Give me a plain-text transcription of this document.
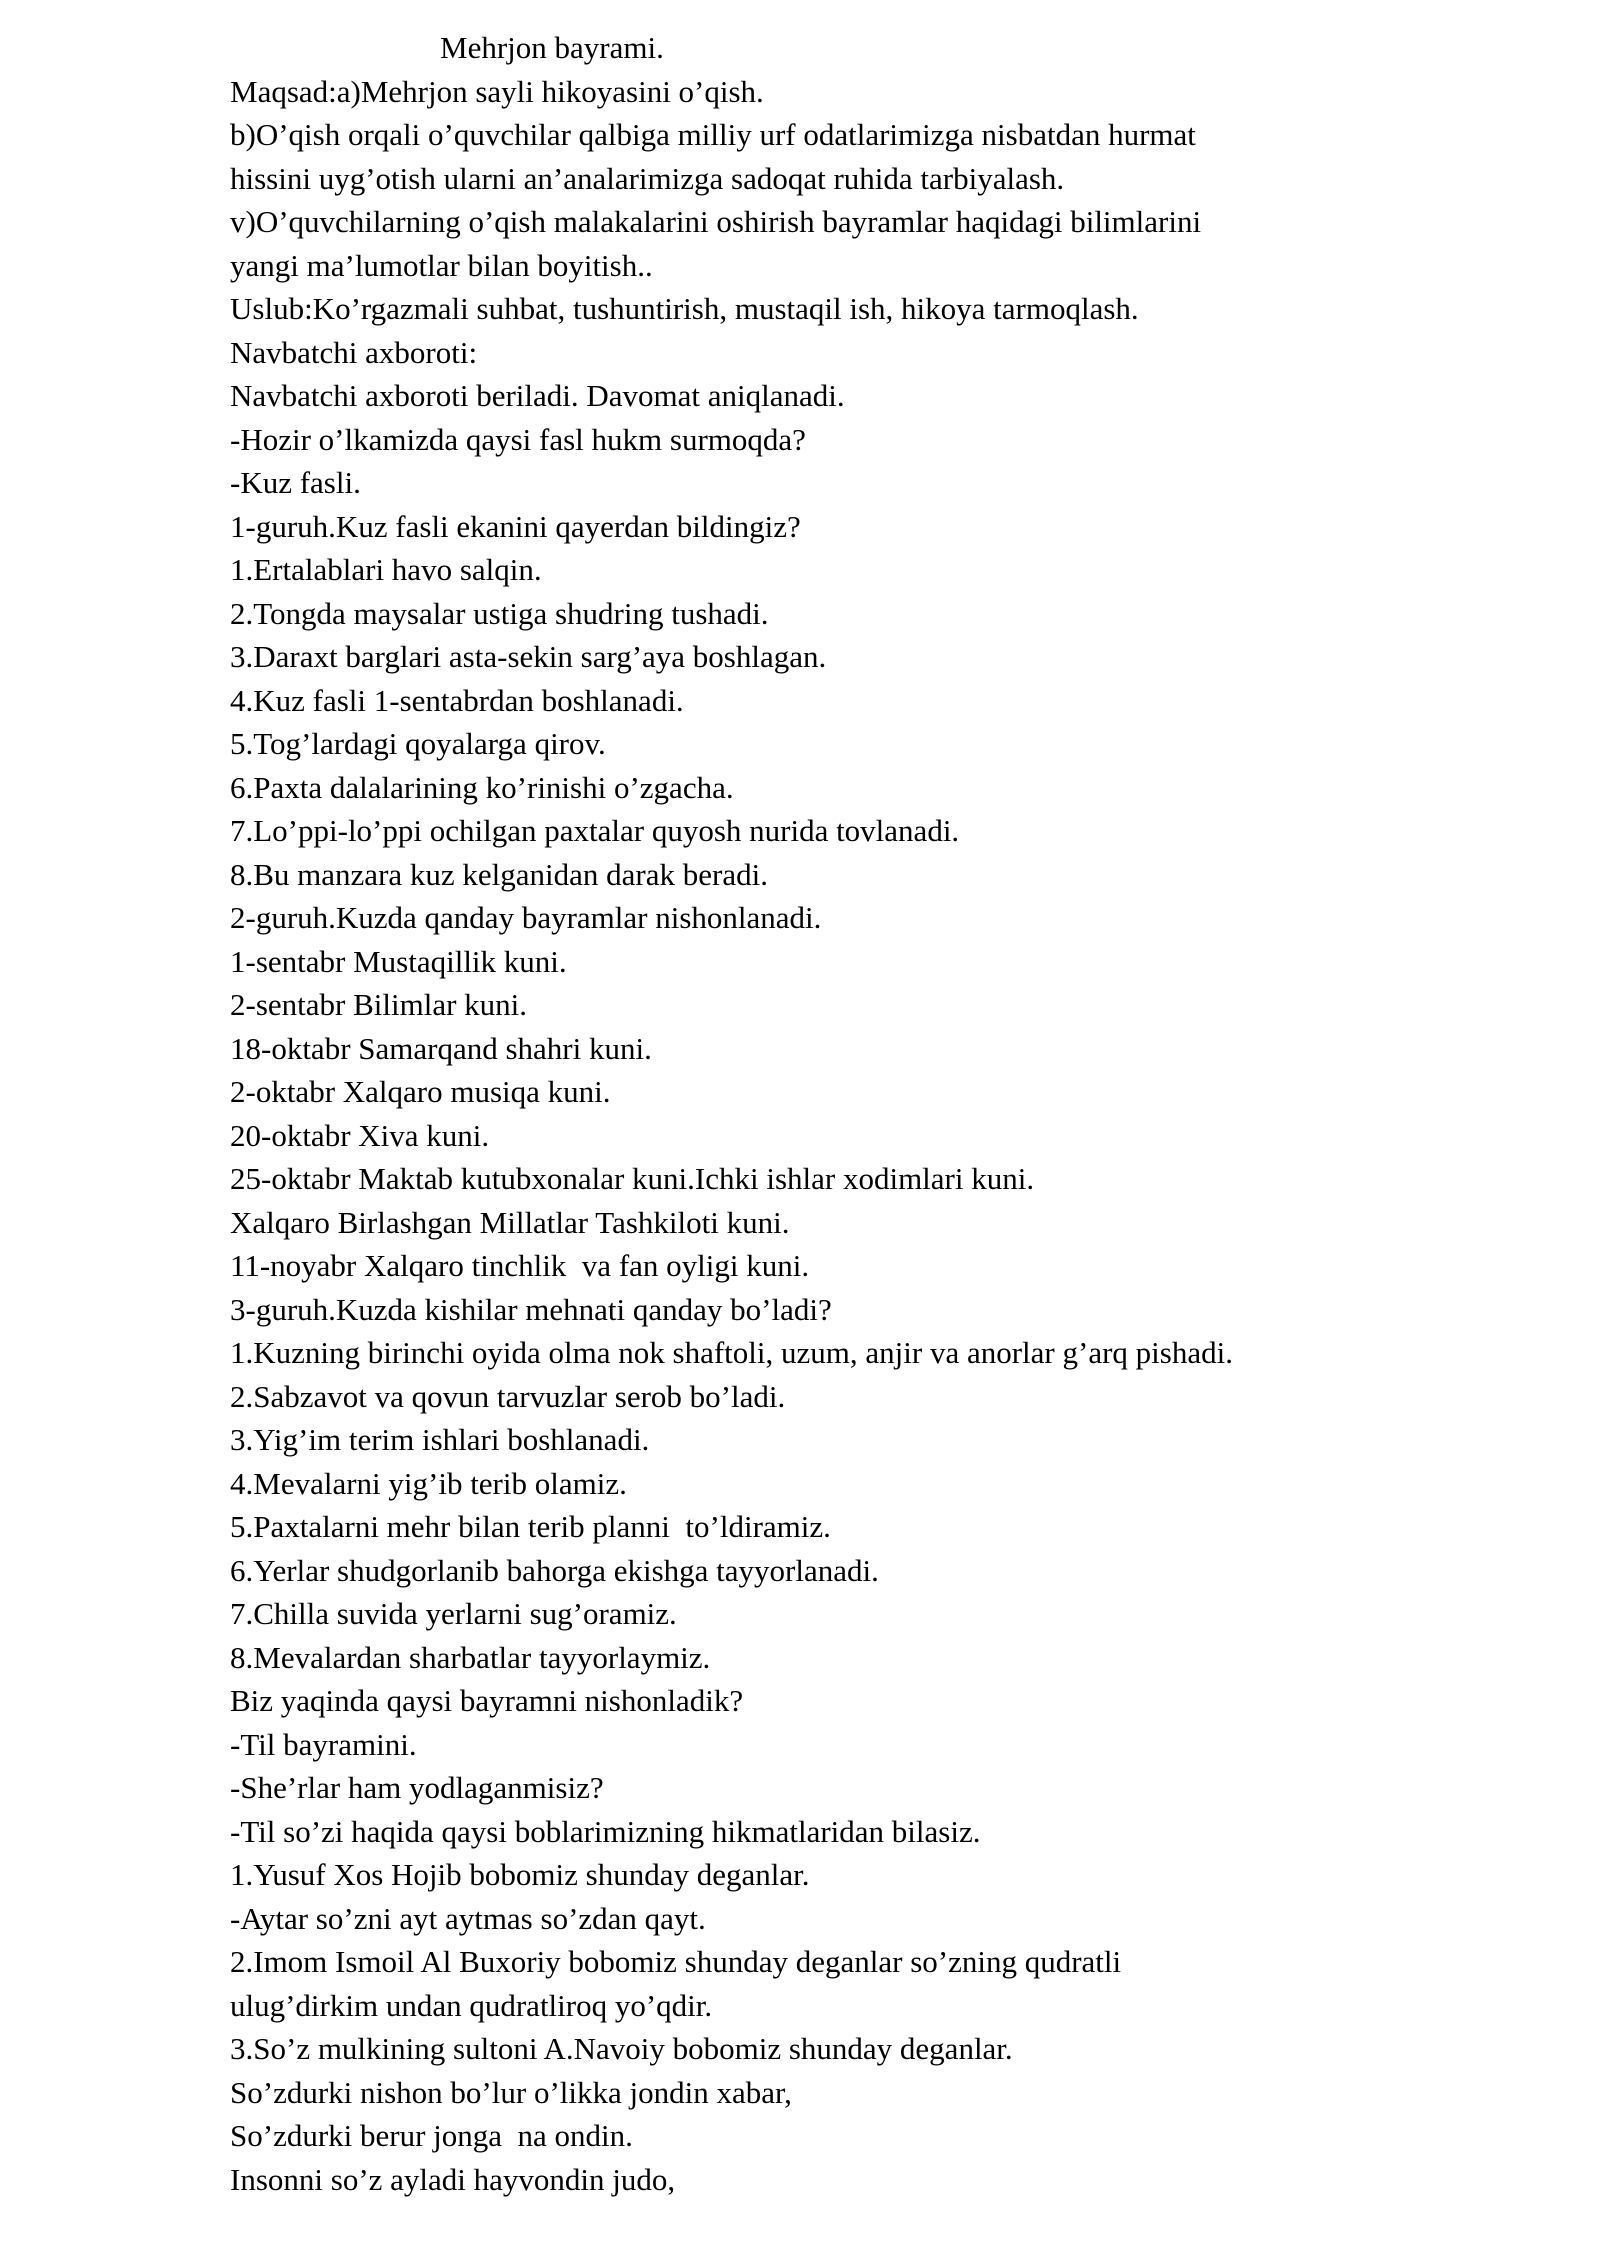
Mehrjon bayrami.
Maqsad:a)Mehrjon sayli hikoyasini o’qish.
b)O’qish orqali o’quvchilar qalbiga milliy urf odatlarimizga nisbatdan hurmat
hissini uyg’otish ularni an’analarimizga sadoqat ruhida tarbiyalash.
v)O’quvchilarning o’qish malakalarini oshirish bayramlar haqidagi bilimlarini
yangi ma’lumotlar bilan boyitish..
Uslub:Ko’rgazmali suhbat, tushuntirish, mustaqil ish, hikoya tarmoqlash.
Navbatchi axboroti:
Navbatchi axboroti beriladi. Davomat aniqlanadi.
-Hozir o’lkamizda qaysi fasl hukm surmoqda?
-Kuz fasli.
1-guruh.Kuz fasli ekanini qayerdan bildingiz?
1.Ertalablari havo salqin.
2.Tongda maysalar ustiga shudring tushadi.
3.Daraxt barglari asta-sekin sarg’aya boshlagan.
4.Kuz fasli 1-sentabrdan boshlanadi.
5.Tog’lardagi qoyalarga qirov.
6.Paxta dalalarining ko’rinishi o’zgacha.
7.Lo’ppi-lo’ppi ochilgan paxtalar quyosh nurida tovlanadi.
8.Bu manzara kuz kelganidan darak beradi.
2-guruh.Kuzda qanday bayramlar nishonlanadi.
1-sentabr Mustaqillik kuni.
2-sentabr Bilimlar kuni.
18-oktabr Samarqand shahri kuni.
2-oktabr Xalqaro musiqa kuni.
20-oktabr Xiva kuni.
25-oktabr Maktab kutubxonalar kuni.Ichki ishlar xodimlari kuni.
Xalqaro Birlashgan Millatlar Tashkiloti kuni.
11-noyabr Xalqaro tinchlik  va fan oyligi kuni.
3-guruh.Kuzda kishilar mehnati qanday bo’ladi?
1.Kuzning birinchi oyida olma nok shaftoli, uzum, anjir va anorlar g’arq pishadi.
2.Sabzavot va qovun tarvuzlar serob bo’ladi.
3.Yig’im terim ishlari boshlanadi.
4.Mevalarni yig’ib terib olamiz.
5.Paxtalarni mehr bilan terib planni  to’ldiramiz.
6.Yerlar shudgorlanib bahorga ekishga tayyorlanadi.
7.Chilla suvida yerlarni sug’oramiz.
8.Mevalardan sharbatlar tayyorlaymiz.
Biz yaqinda qaysi bayramni nishonladik?
-Til bayramini.
-She’rlar ham yodlaganmisiz?
-Til so’zi haqida qaysi boblarimizning hikmatlaridan bilasiz.
1.Yusuf Xos Hojib bobomiz shunday deganlar.
-Aytar so’zni ayt aytmas so’zdan qayt.
2.Imom Ismoil Al Buxoriy bobomiz shunday deganlar so’zning qudratli
ulug’dirkim undan qudratliroq yo’qdir.
3.So’z mulkining sultoni A.Navoiy bobomiz shunday deganlar.
So’zdurki nishon bo’lur o’likka jondin xabar,
So’zdurki berur jonga  na ondin.
Insonni so’z ayladi hayvondin judo,
